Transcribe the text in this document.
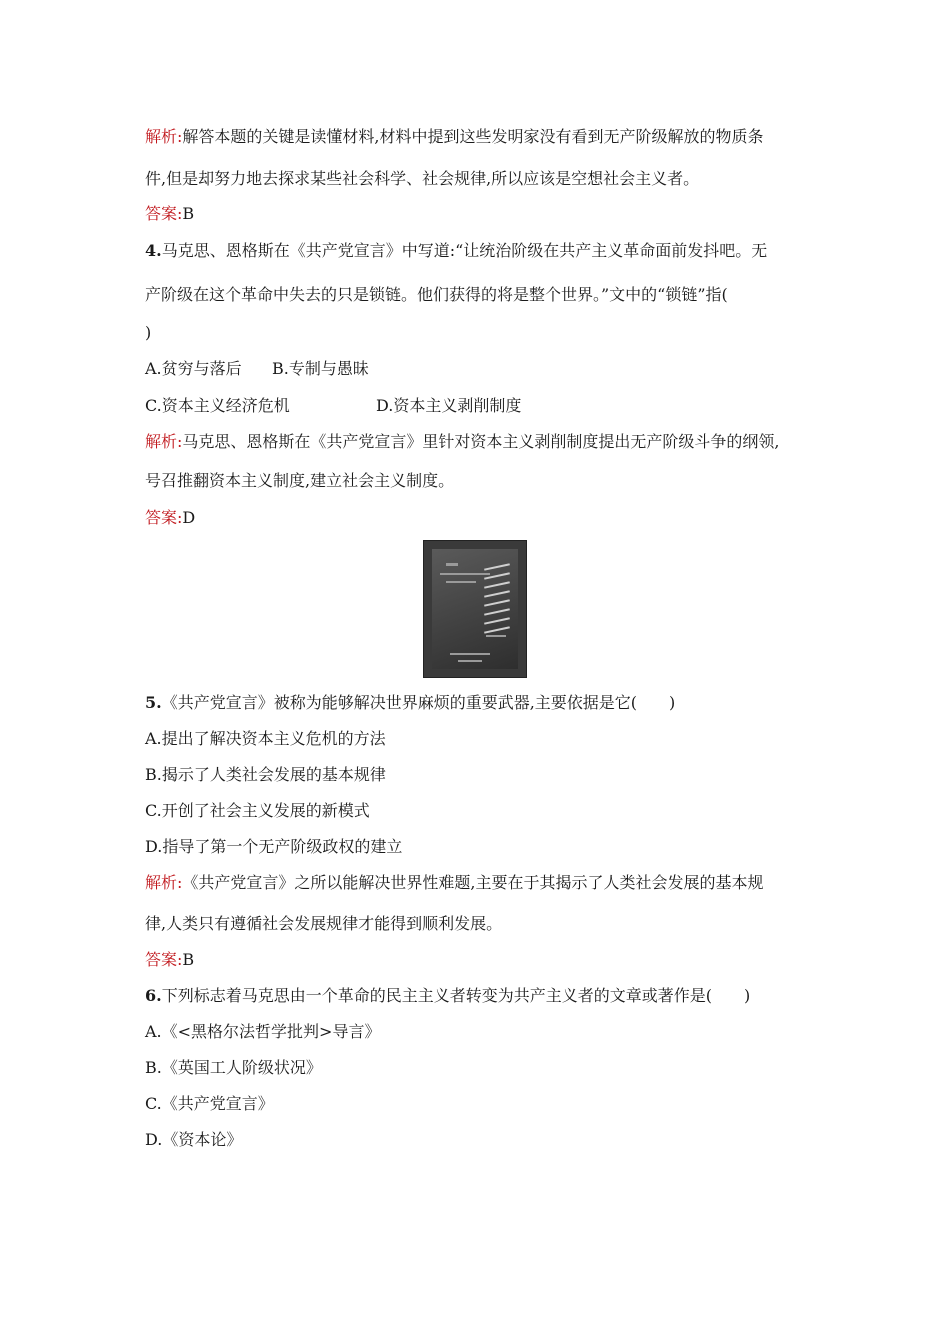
解析:解答本题的关键是读懂材料,材料中提到这些发明家没有看到无产阶级解放的物质条
件,但是却努力地去探求某些社会科学、社会规律,所以应该是空想社会主义者。
答案:B
4.马克思、恩格斯在《共产党宣言》中写道:“让统治阶级在共产主义革命面前发抖吧。无
产阶级在这个革命中失去的只是锁链。他们获得的将是整个世界。”文中的“锁链”指(
)
A.贫穷与落后 B.专制与愚昧
C.资本主义经济危机	D.资本主义剥削制度
解析:马克思、恩格斯在《共产党宣言》里针对资本主义剥削制度提出无产阶级斗争的纲领,
号召推翻资本主义制度,建立社会主义制度。
答案:D
5.《共产党宣言》被称为能够解决世界麻烦的重要武器,主要依据是它(　　)
A.提出了解决资本主义危机的方法
B.揭示了人类社会发展的基本规律
C.开创了社会主义发展的新模式
D.指导了第一个无产阶级政权的建立
解析:《共产党宣言》之所以能解决世界性难题,主要在于其揭示了人类社会发展的基本规
律,人类只有遵循社会发展规律才能得到顺利发展。
答案:B
6.下列标志着马克思由一个革命的民主主义者转变为共产主义者的文章或著作是(　　)
A.《<黑格尔法哲学批判>导言》
B.《英国工人阶级状况》
C.《共产党宣言》
D.《资本论》
